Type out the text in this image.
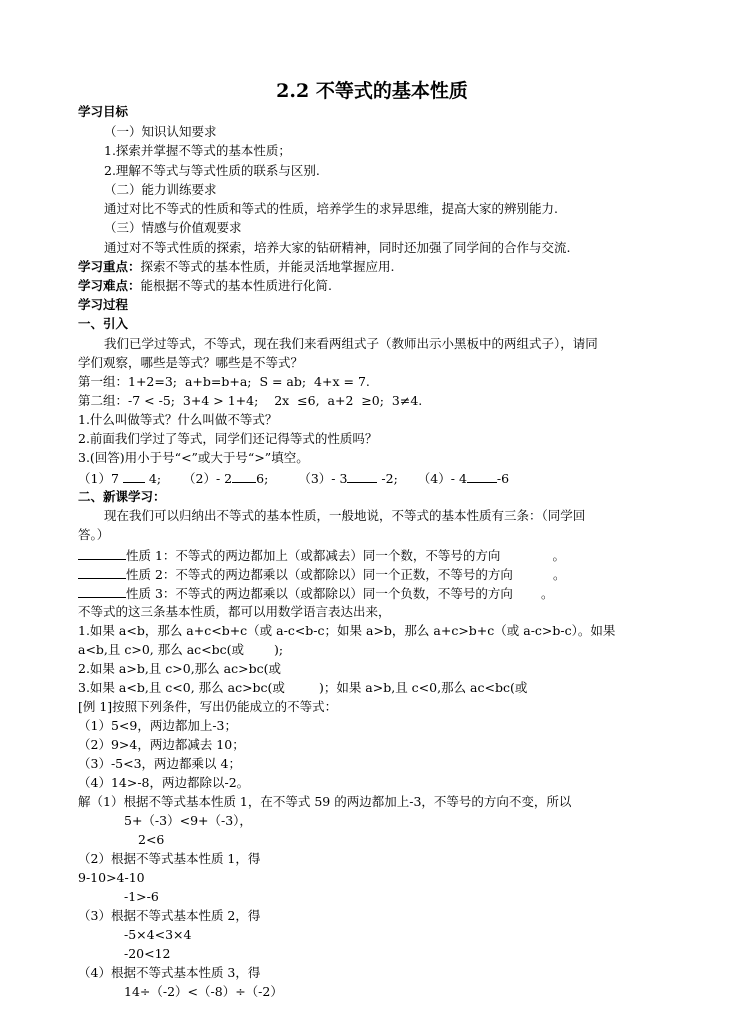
2.2 不等式的基本性质
学习目标
（一）知识认知要求
1.探索并掌握不等式的基本性质；
2.理解不等式与等式性质的联系与区别.
（二）能力训练要求
通过对比不等式的性质和等式的性质，培养学生的求异思维，提高大家的辨别能力.
（三）情感与价值观要求
通过对不等式性质的探索，培养大家的钻研精神，同时还加强了同学间的合作与交流.
学习重点：探索不等式的基本性质，并能灵活地掌握应用.
学习难点：能根据不等式的基本性质进行化简.
学习过程
一、引入
我们已学过等式，不等式，现在我们来看两组式子（教师出示小黑板中的两组式子），请同
学们观察，哪些是等式？哪些是不等式？
第一组：1+2=3;  a+b=b+a;  S = ab;  4+x = 7.
第二组：-7 < -5;  3+4 > 1+4;    2x  ≤6,  a+2  ≥0;  3≠4.
1.什么叫做等式？什么叫做不等式？
2.前面我们学过了等式，同学们还记得等式的性质吗？
3.(回答)用小于号“<”或大于号“>”填空。
（1）7  4; （2）- 2 6; （3）- 3 -2; （4）- 4 -6
二、新课学习：
现在我们可以归纳出不等式的基本性质，一般地说，不等式的基本性质有三条：（同学回
答。）
性质 1：不等式的两边都加上（或都减去）同一个数，不等号的方向	。
性质 2：不等式的两边都乘以（或都除以）同一个正数，不等号的方向	。
性质 3：不等式的两边都乘以（或都除以）同一个负数，不等号的方向 。
不等式的这三条基本性质，都可以用数学语言表达出来，
1.如果 a<b，那么 a+c<b+c（或 a-c<b-c；如果 a>b，那么 a+c>b+c（或 a-c>b-c）。如果
a<b,且 c>0, 那么 ac<bc(或 );
2.如果 a>b,且 c>0,那么 ac>bc(或
3.如果 a<b,且 c<0, 那么 ac>bc(或	)；如果 a>b,且 c<0,那么 ac<bc(或
[例 1]按照下列条件，写出仍能成立的不等式：
（1）5<9，两边都加上-3；
（2）9>4，两边都减去 10；
（3）-5<3，两边都乘以 4；
（4）14>-8，两边都除以-2。
解（1）根据不等式基本性质 1，在不等式 59 的两边都加上-3，不等号的方向不变，所以
5+（-3）<9+（-3），
2<6
（2）根据不等式基本性质 1，得
9-10>4-10
-1>-6
（3）根据不等式基本性质 2，得
-5×4<3×4
-20<12
（4）根据不等式基本性质 3，得
14÷（-2）<（-8）÷（-2）
